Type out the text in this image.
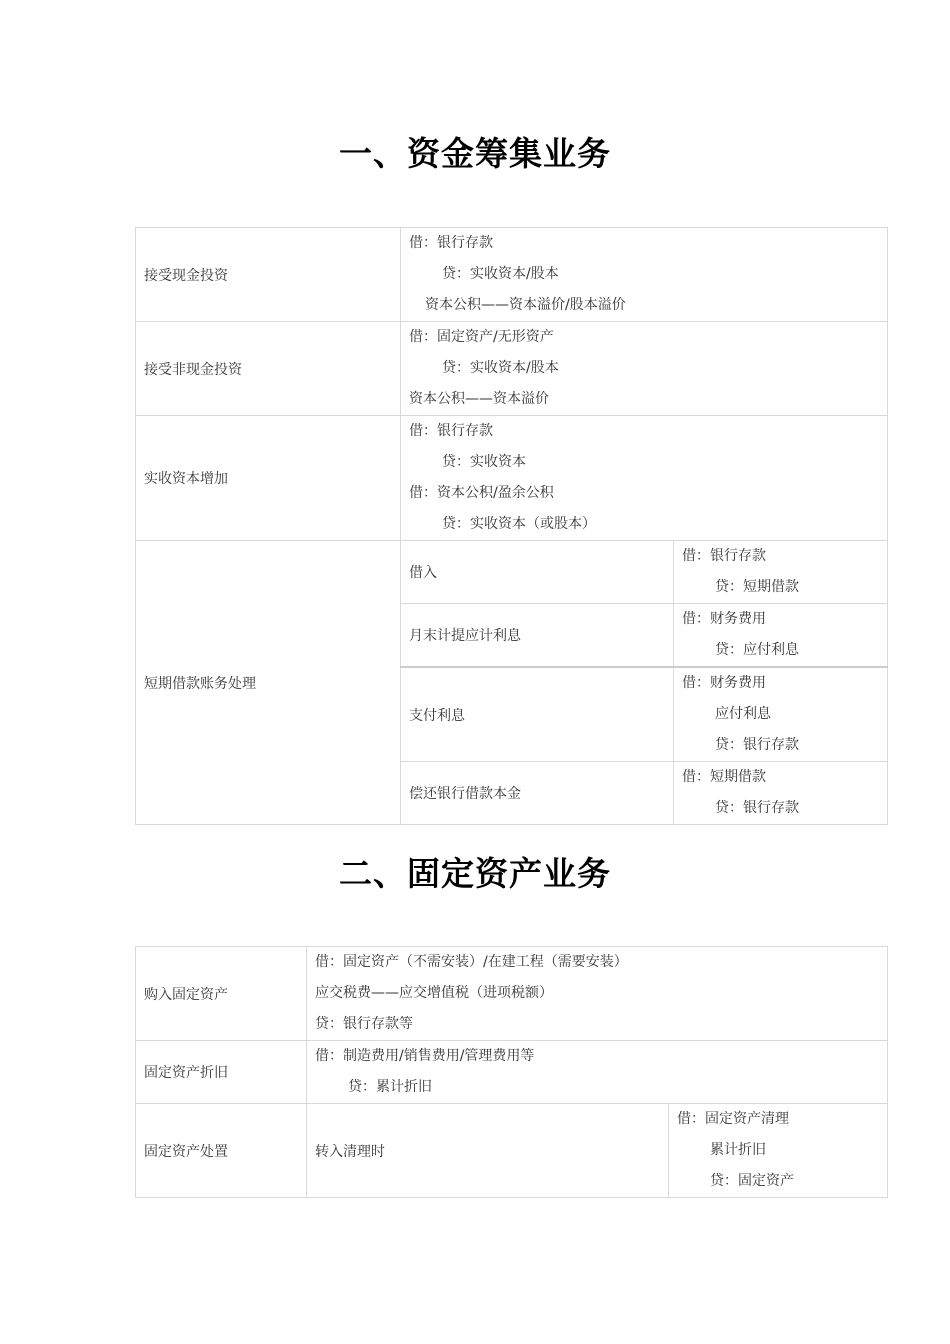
一、资金筹集业务
接受现金投资	借：银行存款
贷：实收资本/股本
资本公积——资本溢价/股本溢价	

接受非现金投资	借：固定资产/无形资产
贷：实收资本/股本
资本公积——资本溢价	

实收资本增加	借：银行存款
贷：实收资本
借：资本公积/盈余公积
贷：实收资本（或股本）	

短期借款账务处理	借入	借：银行存款
贷：短期借款

	月末计提应计利息	借：财务费用
贷：应付利息

	支付利息	借：财务费用
应付利息
贷：银行存款

	偿还银行借款本金	借：短期借款
贷：银行存款
二、固定资产业务
购入固定资产	借：固定资产（不需安装）/在建工程（需要安装）
应交税费——应交增值税（进项税额）
贷：银行存款等	

固定资产折旧	借：制造费用/销售费用/管理费用等
贷：累计折旧	

固定资产处置	转入清理时	借：固定资产清理
累计折旧
贷：固定资产
